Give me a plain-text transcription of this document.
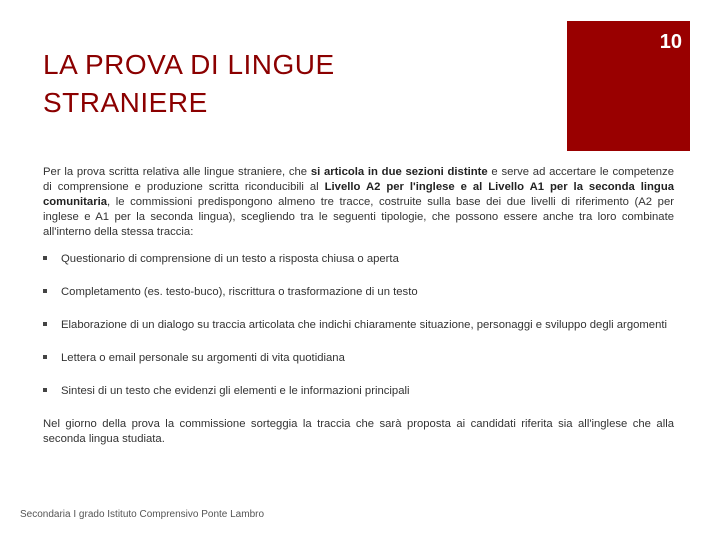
LA PROVA DI LINGUE
STRANIERE
10

Per la prova scritta relativa alle lingue straniere, che si articola in due sezioni distinte e serve ad accertare le competenze di comprensione e produzione scritta riconducibili al Livello A2 per l'inglese e al Livello A1 per la seconda lingua comunitaria, le commissioni predispongono almeno tre tracce, costruite sulla base dei due livelli di riferimento (A2 per inglese e A1 per la seconda lingua), scegliendo tra le seguenti tipologie, che possono essere anche tra loro combinate all'interno della stessa traccia:

Questionario di comprensione di un testo a risposta chiusa o aperta
Completamento (es. testo-buco), riscrittura o trasformazione di un testo
Elaborazione di un dialogo su traccia articolata che indichi chiaramente situazione, personaggi e sviluppo degli argomenti
Lettera o email personale su argomenti di vita quotidiana
Sintesi di un testo che evidenzi gli elementi e le informazioni principali

Nel giorno della prova la commissione sorteggia la traccia che sarà proposta ai candidati riferita sia all'inglese che alla seconda lingua studiata.

Secondaria I grado Istituto Comprensivo Ponte Lambro
